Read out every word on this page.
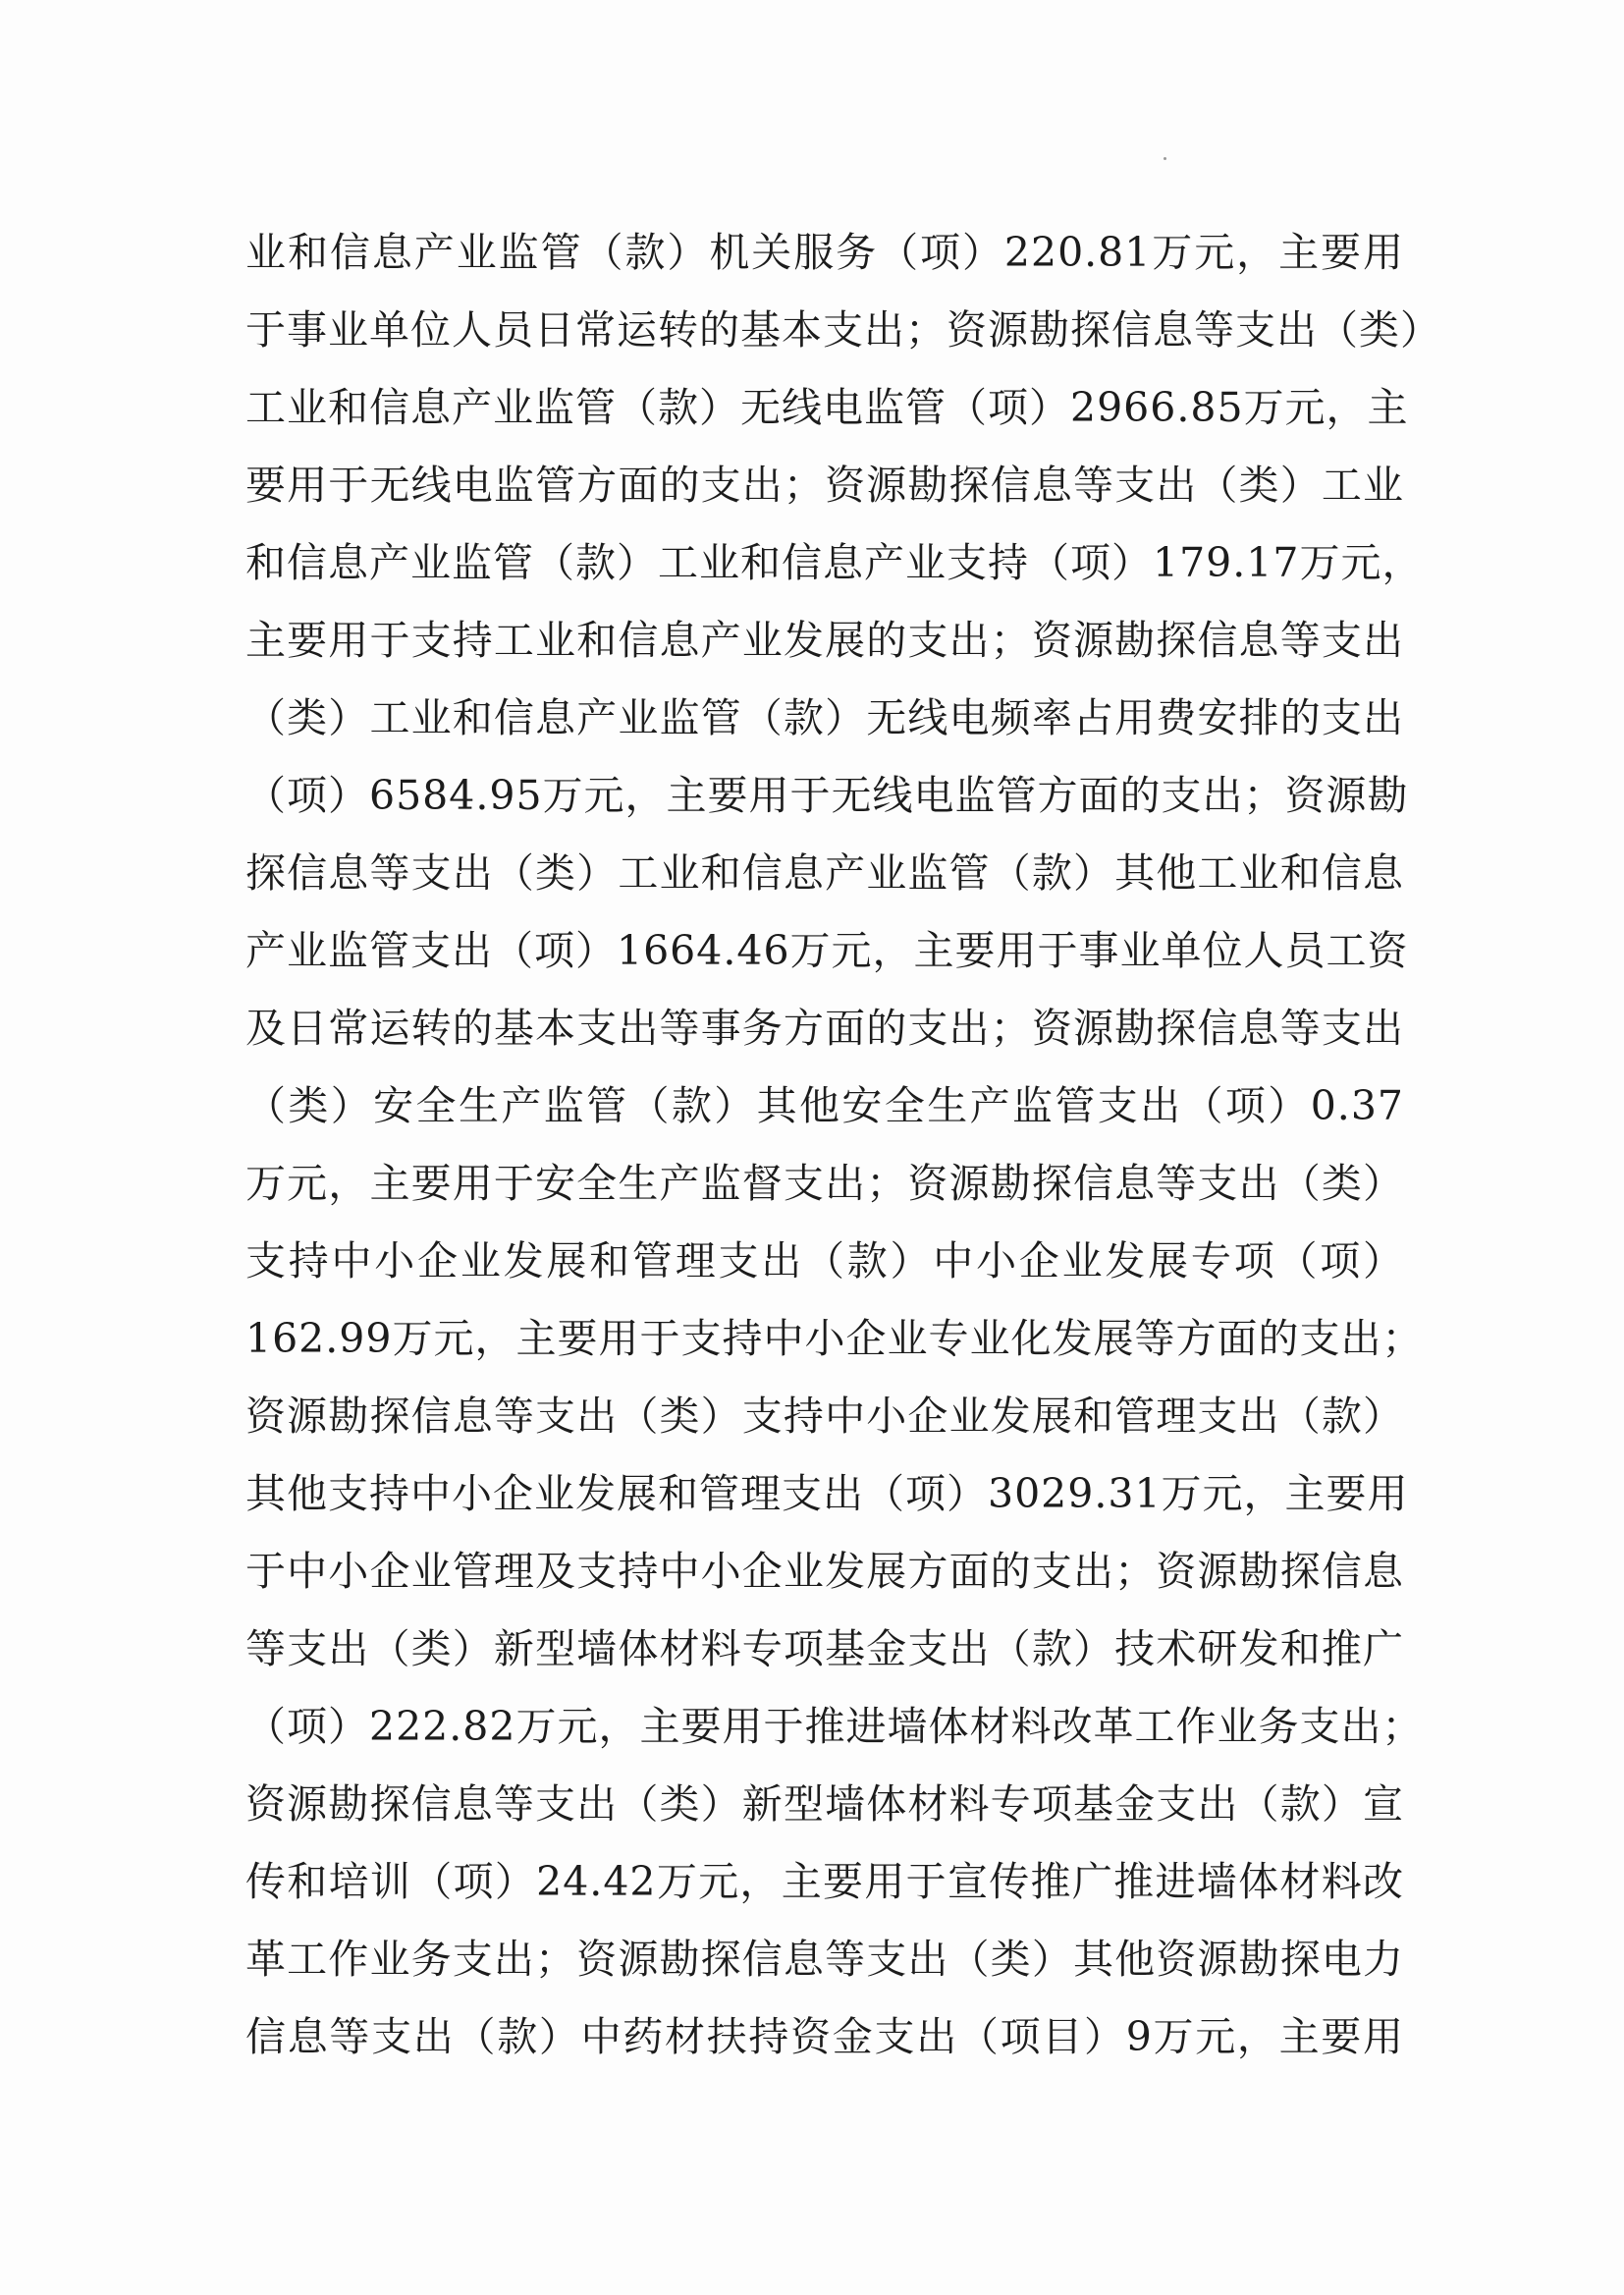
业和信息产业监管（款）机关服务（项）220.81万元，主要用
于事业单位人员日常运转的基本支出；资源勘探信息等支出（类）
工业和信息产业监管（款）无线电监管（项）2966.85万元，主
要用于无线电监管方面的支出；资源勘探信息等支出（类）工业
和信息产业监管（款）工业和信息产业支持（项）179.17万元，
主要用于支持工业和信息产业发展的支出；资源勘探信息等支出
（类）工业和信息产业监管（款）无线电频率占用费安排的支出
（项）6584.95万元，主要用于无线电监管方面的支出；资源勘
探信息等支出（类）工业和信息产业监管（款）其他工业和信息
产业监管支出（项）1664.46万元，主要用于事业单位人员工资
及日常运转的基本支出等事务方面的支出；资源勘探信息等支出
（类）安全生产监管（款）其他安全生产监管支出（项）0.37
万元，主要用于安全生产监督支出；资源勘探信息等支出（类）
支持中小企业发展和管理支出（款）中小企业发展专项（项）
162.99万元，主要用于支持中小企业专业化发展等方面的支出；
资源勘探信息等支出（类）支持中小企业发展和管理支出（款）
其他支持中小企业发展和管理支出（项）3029.31万元，主要用
于中小企业管理及支持中小企业发展方面的支出；资源勘探信息
等支出（类）新型墙体材料专项基金支出（款）技术研发和推广
（项）222.82万元，主要用于推进墙体材料改革工作业务支出；
资源勘探信息等支出（类）新型墙体材料专项基金支出（款）宣
传和培训（项）24.42万元，主要用于宣传推广推进墙体材料改
革工作业务支出；资源勘探信息等支出（类）其他资源勘探电力
信息等支出（款）中药材扶持资金支出（项目）9万元，主要用
